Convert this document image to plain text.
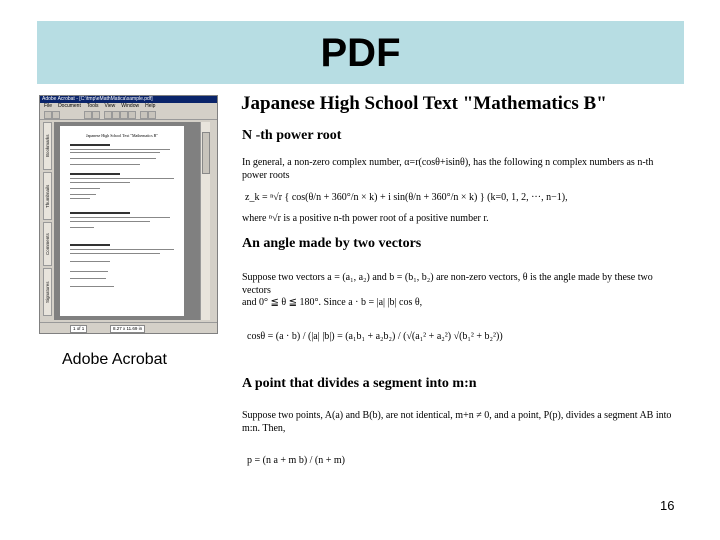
PDF
Adobe Acrobat - [C:\tmp\eMathMatica\sample.pdf]
File Document Tools View Window Help
Bookmarks
Thumbnails
Comments
Signatures
Japanese High School Text "Mathematics B"
1 of 1	8.27 x 11.69 in
Adobe Acrobat
Japanese High School Text "Mathematics B"
N -th power root
In general, a non-zero complex number, α=r(cosθ+isinθ), has the following n complex numbers as n-th power roots
z_k = ⁿ√r { cos(θ/n + 360°/n × k) + i sin(θ/n + 360°/n × k) } (k=0, 1, 2, ···, n−1),
where ⁿ√r is a positive n-th power root of a positive number r.
An angle made by two vectors
Suppose two vectors a = (a₁, a₂) and b = (b₁, b₂) are non-zero vectors, θ is the angle made by these two vectors
and 0° ≦ θ ≦ 180°. Since a · b = |a| |b| cos θ,
cosθ = (a · b) / (|a| |b|) = (a₁b₁ + a₂b₂) / (√(a₁² + a₂²) √(b₁² + b₂²))
A point that divides a segment into m:n
Suppose two points, A(a) and B(b), are not identical, m+n ≠ 0, and a point, P(p), divides a segment AB into m:n. Then,
p = (n a + m b) / (n + m)
16
